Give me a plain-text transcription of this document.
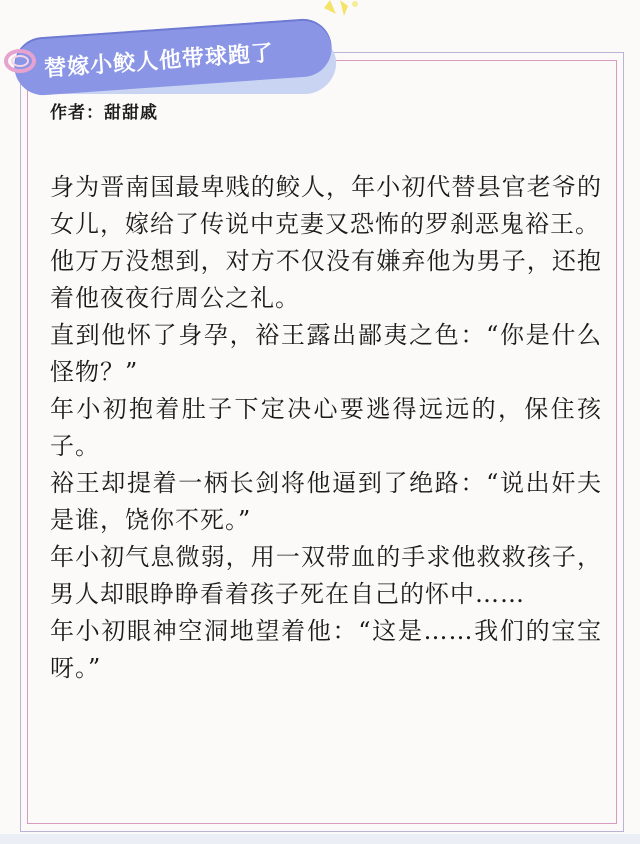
替嫁小鲛人他带球跑了
作者：甜甜戚
身为晋南国最卑贱的鲛人，年小初代替县官老爷的女儿，嫁给了传说中克妻又恐怖的罗刹恶鬼裕王。
他万万没想到，对方不仅没有嫌弃他为男子，还抱着他夜夜行周公之礼。
直到他怀了身孕，裕王露出鄙夷之色：“你是什么怪物？”
年小初抱着肚子下定决心要逃得远远的，保住孩子。
裕王却提着一柄长剑将他逼到了绝路：“说出奸夫是谁，饶你不死。”
年小初气息微弱，用一双带血的手求他救救孩子，男人却眼睁睁看着孩子死在自己的怀中……
年小初眼神空洞地望着他：“这是……我们的宝宝呀。”
